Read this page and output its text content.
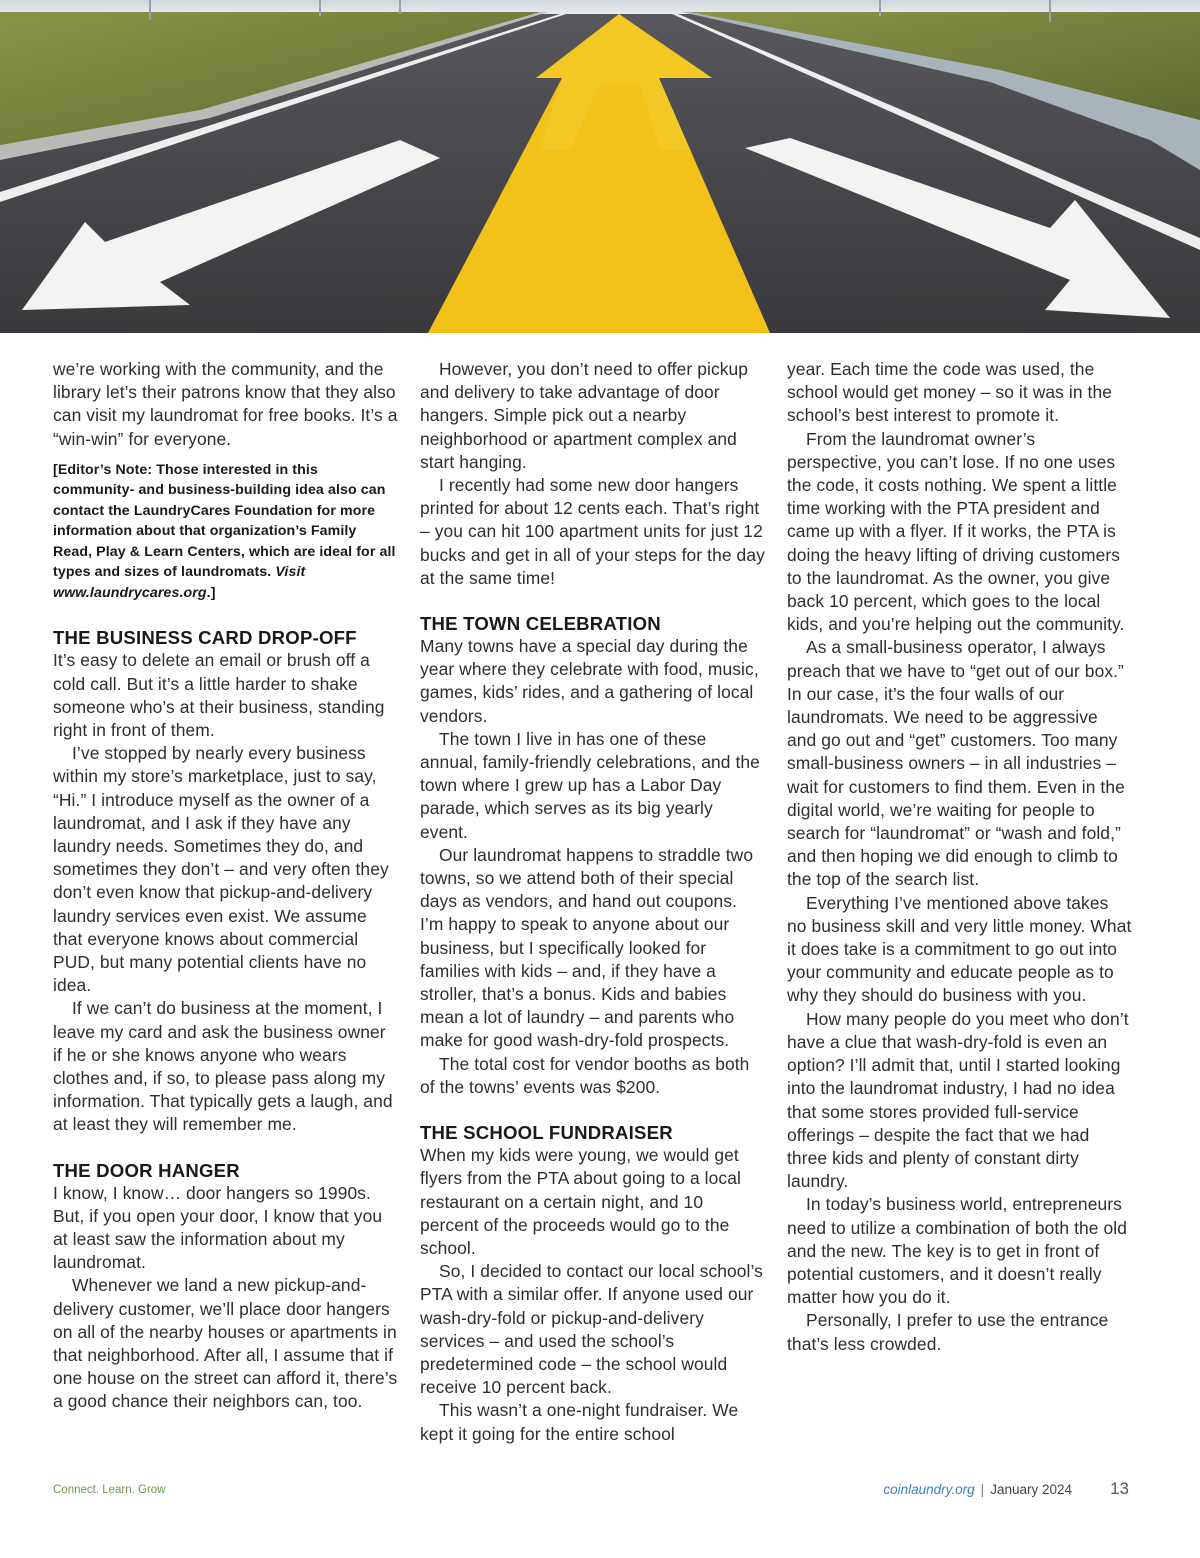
we’re working with the community, and the library let’s their patrons know that they also can visit my laundromat for free books. It’s a “win-win” for everyone.

[Editor’s Note: Those interested in this community- and business-building idea also can contact the LaundryCares Foundation for more information about that organization’s Family Read, Play & Learn Centers, which are ideal for all types and sizes of laundromats. Visit www.laundrycares.org.]

THE BUSINESS CARD DROP-OFF

It’s easy to delete an email or brush off a cold call. But it’s a little harder to shake someone who’s at their business, standing right in front of them.

I’ve stopped by nearly every business within my store’s marketplace, just to say, “Hi.” I introduce myself as the owner of a laundromat, and I ask if they have any laundry needs. Sometimes they do, and sometimes they don’t – and very often they don’t even know that pickup-and-delivery laundry services even exist. We assume that everyone knows about commercial PUD, but many potential clients have no idea.

If we can’t do business at the moment, I leave my card and ask the business owner if he or she knows anyone who wears clothes and, if so, to please pass along my information. That typically gets a laugh, and at least they will remember me.

THE DOOR HANGER

I know, I know… door hangers so 1990s. But, if you open your door, I know that you at least saw the information about my laundromat.

Whenever we land a new pickup-and-delivery customer, we’ll place door hangers on all of the nearby houses or apartments in that neighborhood. After all, I assume that if one house on the street can afford it, there’s a good chance their neighbors can, too.

However, you don’t need to offer pickup and delivery to take advantage of door hangers. Simple pick out a nearby neighborhood or apartment complex and start hanging.

I recently had some new door hangers printed for about 12 cents each. That’s right – you can hit 100 apartment units for just 12 bucks and get in all of your steps for the day at the same time!

THE TOWN CELEBRATION

Many towns have a special day during the year where they celebrate with food, music, games, kids’ rides, and a gathering of local vendors.

The town I live in has one of these annual, family-friendly celebrations, and the town where I grew up has a Labor Day parade, which serves as its big yearly event.

Our laundromat happens to straddle two towns, so we attend both of their special days as vendors, and hand out coupons. I’m happy to speak to anyone about our business, but I specifically looked for families with kids – and, if they have a stroller, that’s a bonus. Kids and babies mean a lot of laundry – and parents who make for good wash-dry-fold prospects.

The total cost for vendor booths as both of the towns’ events was $200.

THE SCHOOL FUNDRAISER

When my kids were young, we would get flyers from the PTA about going to a local restaurant on a certain night, and 10 percent of the proceeds would go to the school.

So, I decided to contact our local school’s PTA with a similar offer. If anyone used our wash-dry-fold or pickup-and-delivery services – and used the school’s predetermined code – the school would receive 10 percent back.

This wasn’t a one-night fundraiser. We kept it going for the entire school

year. Each time the code was used, the school would get money – so it was in the school’s best interest to promote it.

From the laundromat owner’s perspective, you can’t lose. If no one uses the code, it costs nothing. We spent a little time working with the PTA president and came up with a flyer. If it works, the PTA is doing the heavy lifting of driving customers to the laundromat. As the owner, you give back 10 percent, which goes to the local kids, and you’re helping out the community.

As a small-business operator, I always preach that we have to “get out of our box.” In our case, it’s the four walls of our laundromats. We need to be aggressive and go out and “get” customers. Too many small-business owners – in all industries – wait for customers to find them. Even in the digital world, we’re waiting for people to search for “laundromat” or “wash and fold,” and then hoping we did enough to climb to the top of the search list.

Everything I’ve mentioned above takes no business skill and very little money. What it does take is a commitment to go out into your community and educate people as to why they should do business with you.

How many people do you meet who don’t have a clue that wash-dry-fold is even an option? I’ll admit that, until I started looking into the laundromat industry, I had no idea that some stores provided full-service offerings – despite the fact that we had three kids and plenty of constant dirty laundry.

In today’s business world, entrepreneurs need to utilize a combination of both the old and the new. The key is to get in front of potential customers, and it doesn’t really matter how you do it.

Personally, I prefer to use the entrance that’s less crowded.

Connect. Learn. Grow	coinlaundry.org | January 2024 13
